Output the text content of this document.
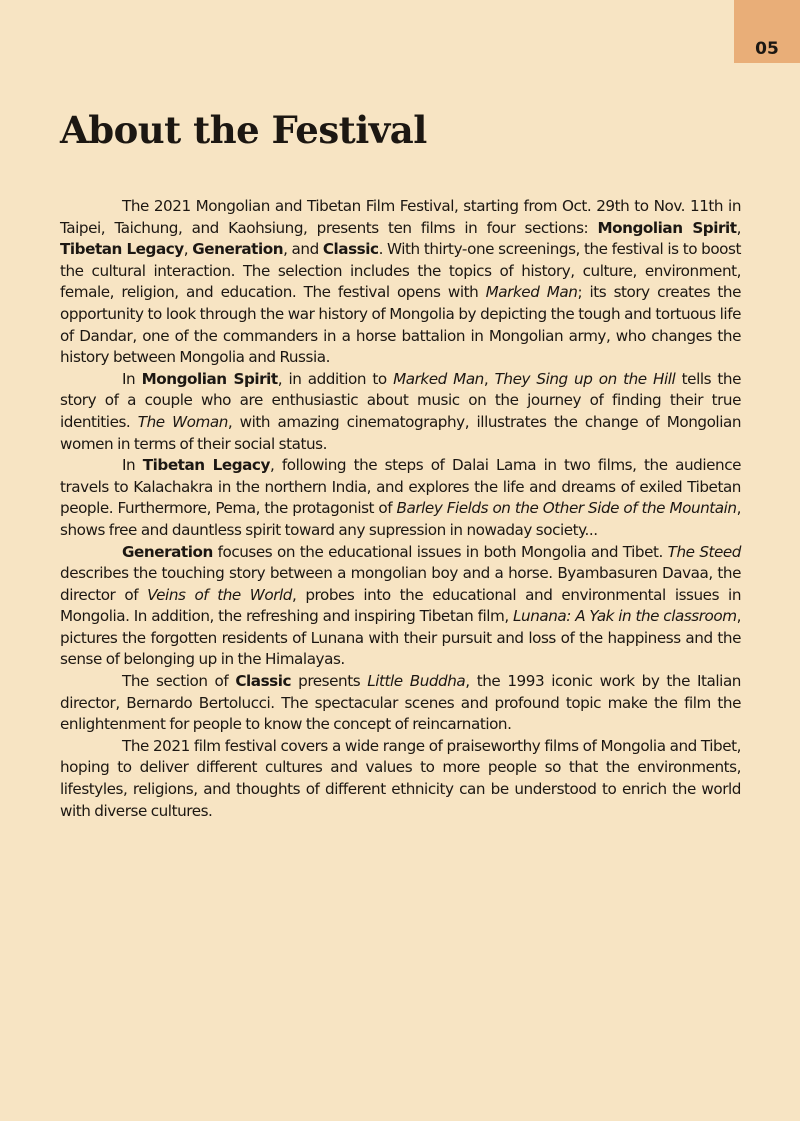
05
About the Festival

The 2021 Mongolian and Tibetan Film Festival, starting from Oct. 29th to Nov. 11th in Taipei, Taichung, and Kaohsiung, presents ten films in four sections: Mongolian Spirit, Tibetan Legacy, Generation, and Classic. With thirty-one screenings, the festival is to boost the cultural interaction. The selection includes the topics of history, culture, environment, female, religion, and education. The festival opens with Marked Man; its story creates the opportunity to look through the war history of Mongolia by depicting the tough and tortuous life of Dandar, one of the commanders in a horse battalion in Mongolian army, who changes the history between Mongolia and Russia.

In Mongolian Spirit, in addition to Marked Man, They Sing up on the Hill tells the story of a couple who are enthusiastic about music on the journey of finding their true identities. The Woman, with amazing cinematography, illustrates the change of Mongolian women in terms of their social status.

In Tibetan Legacy, following the steps of Dalai Lama in two films, the audience travels to Kalachakra in the northern India, and explores the life and dreams of exiled Tibetan people. Furthermore, Pema, the protagonist of Barley Fields on the Other Side of the Mountain, shows free and dauntless spirit toward any supression in nowaday society...

Generation focuses on the educational issues in both Mongolia and Tibet. The Steed describes the touching story between a mongolian boy and a horse. Byambasuren Davaa, the director of Veins of the World, probes into the educational and environmental issues in Mongolia. In addition, the refreshing and inspiring Tibetan film, Lunana: A Yak in the classroom, pictures the forgotten residents of Lunana with their pursuit and loss of the happiness and the sense of belonging up in the Himalayas.

The section of Classic presents Little Buddha, the 1993 iconic work by the Italian director, Bernardo Bertolucci. The spectacular scenes and profound topic make the film the enlightenment for people to know the concept of reincarnation.

The 2021 film festival covers a wide range of praiseworthy films of Mongolia and Tibet, hoping to deliver different cultures and values to more people so that the environments, lifestyles, religions, and thoughts of different ethnicity can be understood to enrich the world with diverse cultures.
